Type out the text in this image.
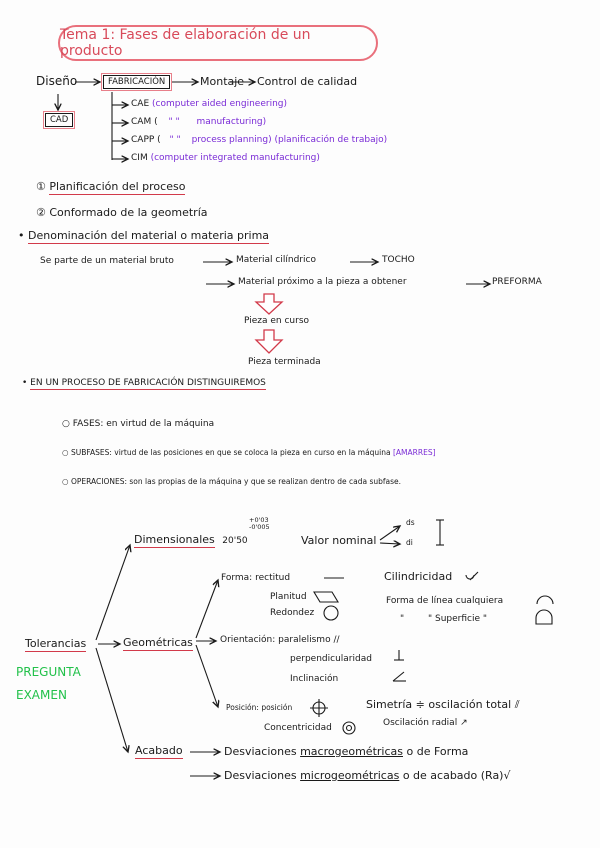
Tema 1: Fases de elaboración de un producto
Diseño	FABRICACIÓN	Montaje Control de calidad
CAD
CAE (computer aided engineering)
CAM ( " " manufacturing)
CAPP ( " " process planning) (planificación de trabajo)
CIM (computer integrated manufacturing)
① Planificación del proceso
② Conformado de la geometría
• Denominación del material o materia prima
Se parte de un material bruto	Material cilíndrico	TOCHO
Material próximo a la pieza a obtener	PREFORMA
Pieza en curso
Pieza terminada
• EN UN PROCESO DE FABRICACIÓN DISTINGUIREMOS
○ FASES: en virtud de la máquina
○ SUBFASES: virtud de las posiciones en que se coloca la pieza en curso en la máquina [AMARRES]
○ OPERACIONES: son las propias de la máquina y que se realizan dentro de cada subfase.
Tolerancias
PREGUNTA
EXAMEN
Dimensionales 20'50
+0'03
-0'005
Valor nominal
ds
di
Geométricas
Forma: rectitud
Planitud
Redondez
Cilindricidad
Forma de línea cualquiera
"	" Superficie "
Orientación: paralelismo //
perpendicularidad
Inclinación
Posición: posición
Concentricidad
Simetría ≑ oscilación total ⫽
Oscilación radial ↗
Acabado	Desviaciones macrogeométricas o de Forma
Desviaciones microgeométricas o de acabado (Ra)√
